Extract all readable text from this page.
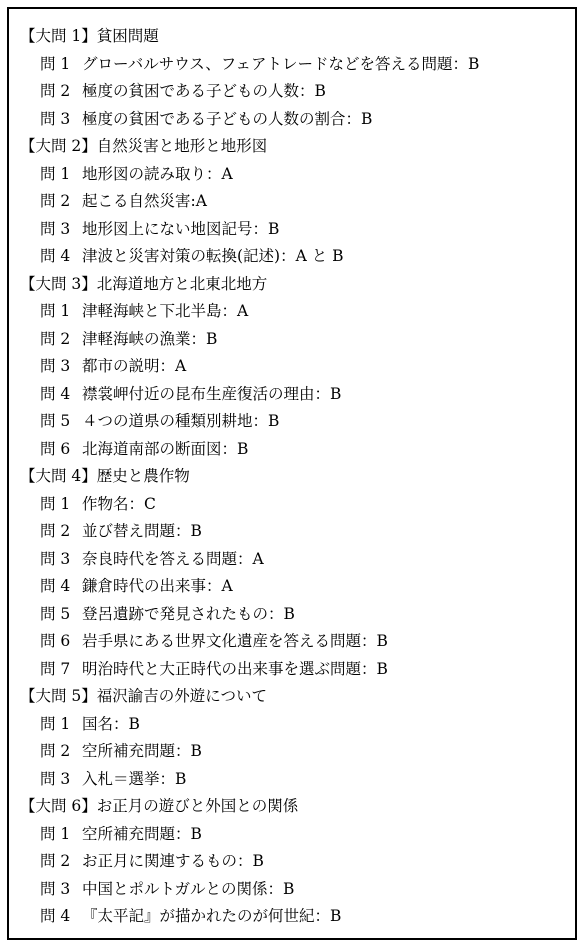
【大問 1】貧困問題
問 1 グローバルサウス、フェアトレードなどを答える問題：B
問 2 極度の貧困である子どもの人数：B
問 3 極度の貧困である子どもの人数の割合：B
【大問 2】自然災害と地形と地形図
問 1 地形図の読み取り：A
問 2 起こる自然災害:A
問 3 地形図上にない地図記号：B
問 4 津波と災害対策の転換(記述)：A と B
【大問 3】北海道地方と北東北地方
問 1 津軽海峡と下北半島：A
問 2 津軽海峡の漁業：B
問 3 都市の説明：A
問 4 襟裳岬付近の昆布生産復活の理由：B
問 5 ４つの道県の種類別耕地：B
問 6 北海道南部の断面図：B
【大問 4】歴史と農作物
問 1 作物名：C
問 2 並び替え問題：B
問 3 奈良時代を答える問題：A
問 4 鎌倉時代の出来事：A
問 5 登呂遺跡で発見されたもの：B
問 6 岩手県にある世界文化遺産を答える問題：B
問 7 明治時代と大正時代の出来事を選ぶ問題：B
【大問 5】福沢諭吉の外遊について
問 1 国名：B
問 2 空所補充問題：B
問 3 入札＝選挙：B
【大問 6】お正月の遊びと外国との関係
問 1 空所補充問題：B
問 2 お正月に関連するもの：B
問 3 中国とポルトガルとの関係：B
問 4 『太平記』が描かれたのが何世紀：B
